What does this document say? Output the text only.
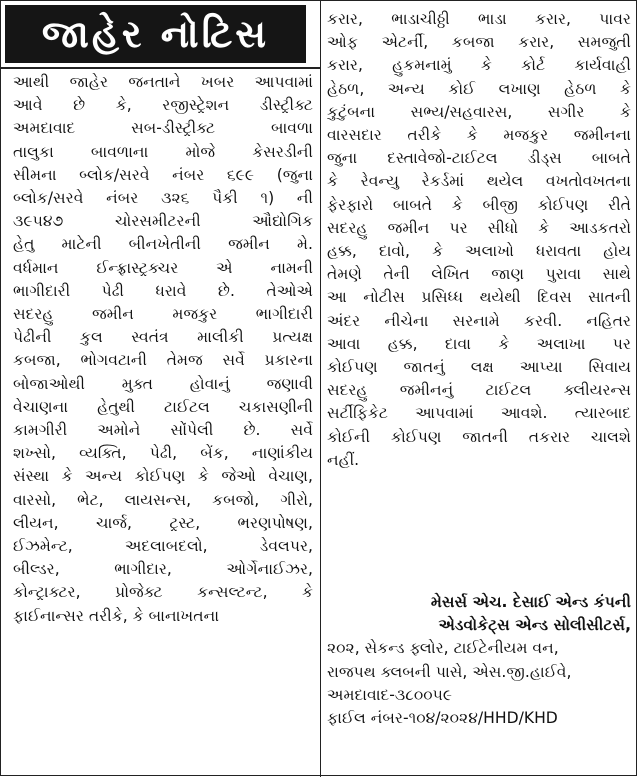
જાહેર નોટિસ
આથી જાહેર જનતાને ખબર આપવામાં
આવે છે કે, રજીસ્ટ્રેશન ડીસ્ટ્રીક્ટ
અમદાવાદ સબ-ડીસ્ટ્રીક્ટ બાવળા
તાલુકા બાવળાના મોજે કેસરડીની
સીમના બ્લોક/સરવે નંબર ૬૯૯ (જુના
બ્લોક/સરવે નંબર ૩૨૬ પૈકી ૧) ની
૩૯૫૪૭ ચોરસમીટરની ઔદ્યોગિક
હેતુ માટેની બીનખેતીની જમીન મે.
વર્ધમાન ઈન્ફ્રાસ્ટ્રક્ચર એ નામની
ભાગીદારી પેઢી ધરાવે છે. તેઓએ
સદરહુ જમીન મજકુર ભાગીદારી
પેઢીની કુલ સ્વતંત્ર માલીકી પ્રત્યક્ષ
કબજા, ભોગવટાની તેમજ સર્વે પ્રકારના
બોજાઓથી મુક્ત હોવાનું જણાવી
વેચાણના હેતુથી ટાઈટલ ચકાસણીની
કામગીરી અમોને સોંપેલી છે. સર્વે
શખ્સો, વ્યક્તિ, પેઢી, બેંક, નાણાંકીય
સંસ્થા કે અન્ય કોઈપણ કે જેઓ વેચાણ,
વારસો, ભેટ, લાયસન્સ, કબજો, ગીરો,
લીયન, ચાર્જ, ટ્રસ્ટ, ભરણપોષણ,
ઈઝમેન્ટ, અદલાબદલો, ડેવલપર,
બીલ્ડર, ભાગીદાર, ઓર્ગેનાઈઝર,
કોન્ટ્રાક્ટર, પ્રોજેક્ટ કન્સલ્ટન્ટ, કે
ફાઈનાન્સર તરીકે, કે બાનાખતના
કરાર, ભાડાચીઠ્ઠી ભાડા કરાર, પાવર
ઓફ એટર્ની, કબજા કરાર, સમજુતી
કરાર, હુકમનામું કે કોર્ટ કાર્યવાહી
હેઠળ, અન્ય કોઈ લખાણ હેઠળ કે
કુટુંબના સભ્ય/સહવારસ, સગીર કે
વારસદાર તરીકે કે મજકુર જમીનના
જુના દસ્તાવેજો-ટાઈટલ ડીડ્સ બાબતે
કે રેવન્યુ રેકર્ડમાં થયેલ વખતોવખતના
ફેરફારો બાબતે કે બીજી કોઈપણ રીતે
સદરહુ જમીન પર સીધો કે આડકતરો
હક્ક, દાવો, કે અલાખો ધરાવતા હોય
તેમણે તેની લેખિત જાણ પુરાવા સાથે
આ નોટીસ પ્રસિધ્ધ થયેથી દિવસ સાતની
અંદર નીચેના સરનામે કરવી. નહિતર
આવા હક્ક, દાવા કે અલાખા પર
કોઈપણ જાતનું લક્ષ આપ્યા સિવાય
સદરહુ જમીનનું ટાઈટલ ક્લીયરન્સ
સર્ટીફિકેટ આપવામાં આવશે. ત્યારબાદ
કોઈની કોઈપણ જાતની તકરાર ચાલશે
નહીં.
મેસર્સ એચ. દેસાઈ એન્ડ કંપની
એડવોકેટ્સ એન્ડ સોલીસીટર્સ,
૨૦૨, સેકન્ડ ફ્લોર, ટાઈટેનીયમ વન,
રાજપથ ક્લબની પાસે, એસ.જી.હાઈવે,
અમદાવાદ-૩૮૦૦૫૯
ફાઈલ નંબર-૧૦૪/૨૦૨૪/HHD/KHD
